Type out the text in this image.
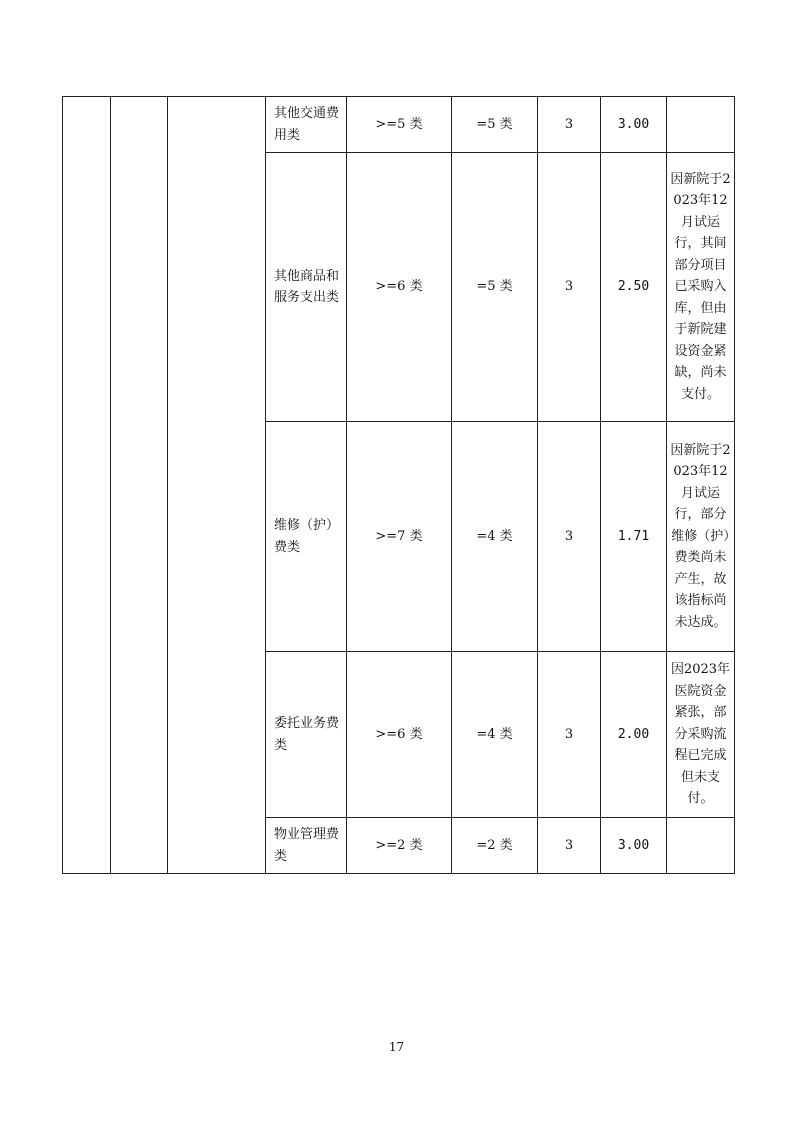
			其他交通费用类	>=5 类	=5 类	3	3.00	
			其他商品和服务支出类	>=6 类	=5 类	3	2.50	因新院于2023年12月试运行，其间部分项目已采购入库，但由于新院建设资金紧缺，尚未支付。
			维修（护）费类	>=7 类	=4 类	3	1.71	因新院于2023年12月试运行，部分维修（护）费类尚未产生，故该指标尚未达成。
			委托业务费类	>=6 类	=4 类	3	2.00	因2023年医院资金紧张，部分采购流程已完成但未支付。
			物业管理费类	>=2 类	=2 类	3	3.00	
17
